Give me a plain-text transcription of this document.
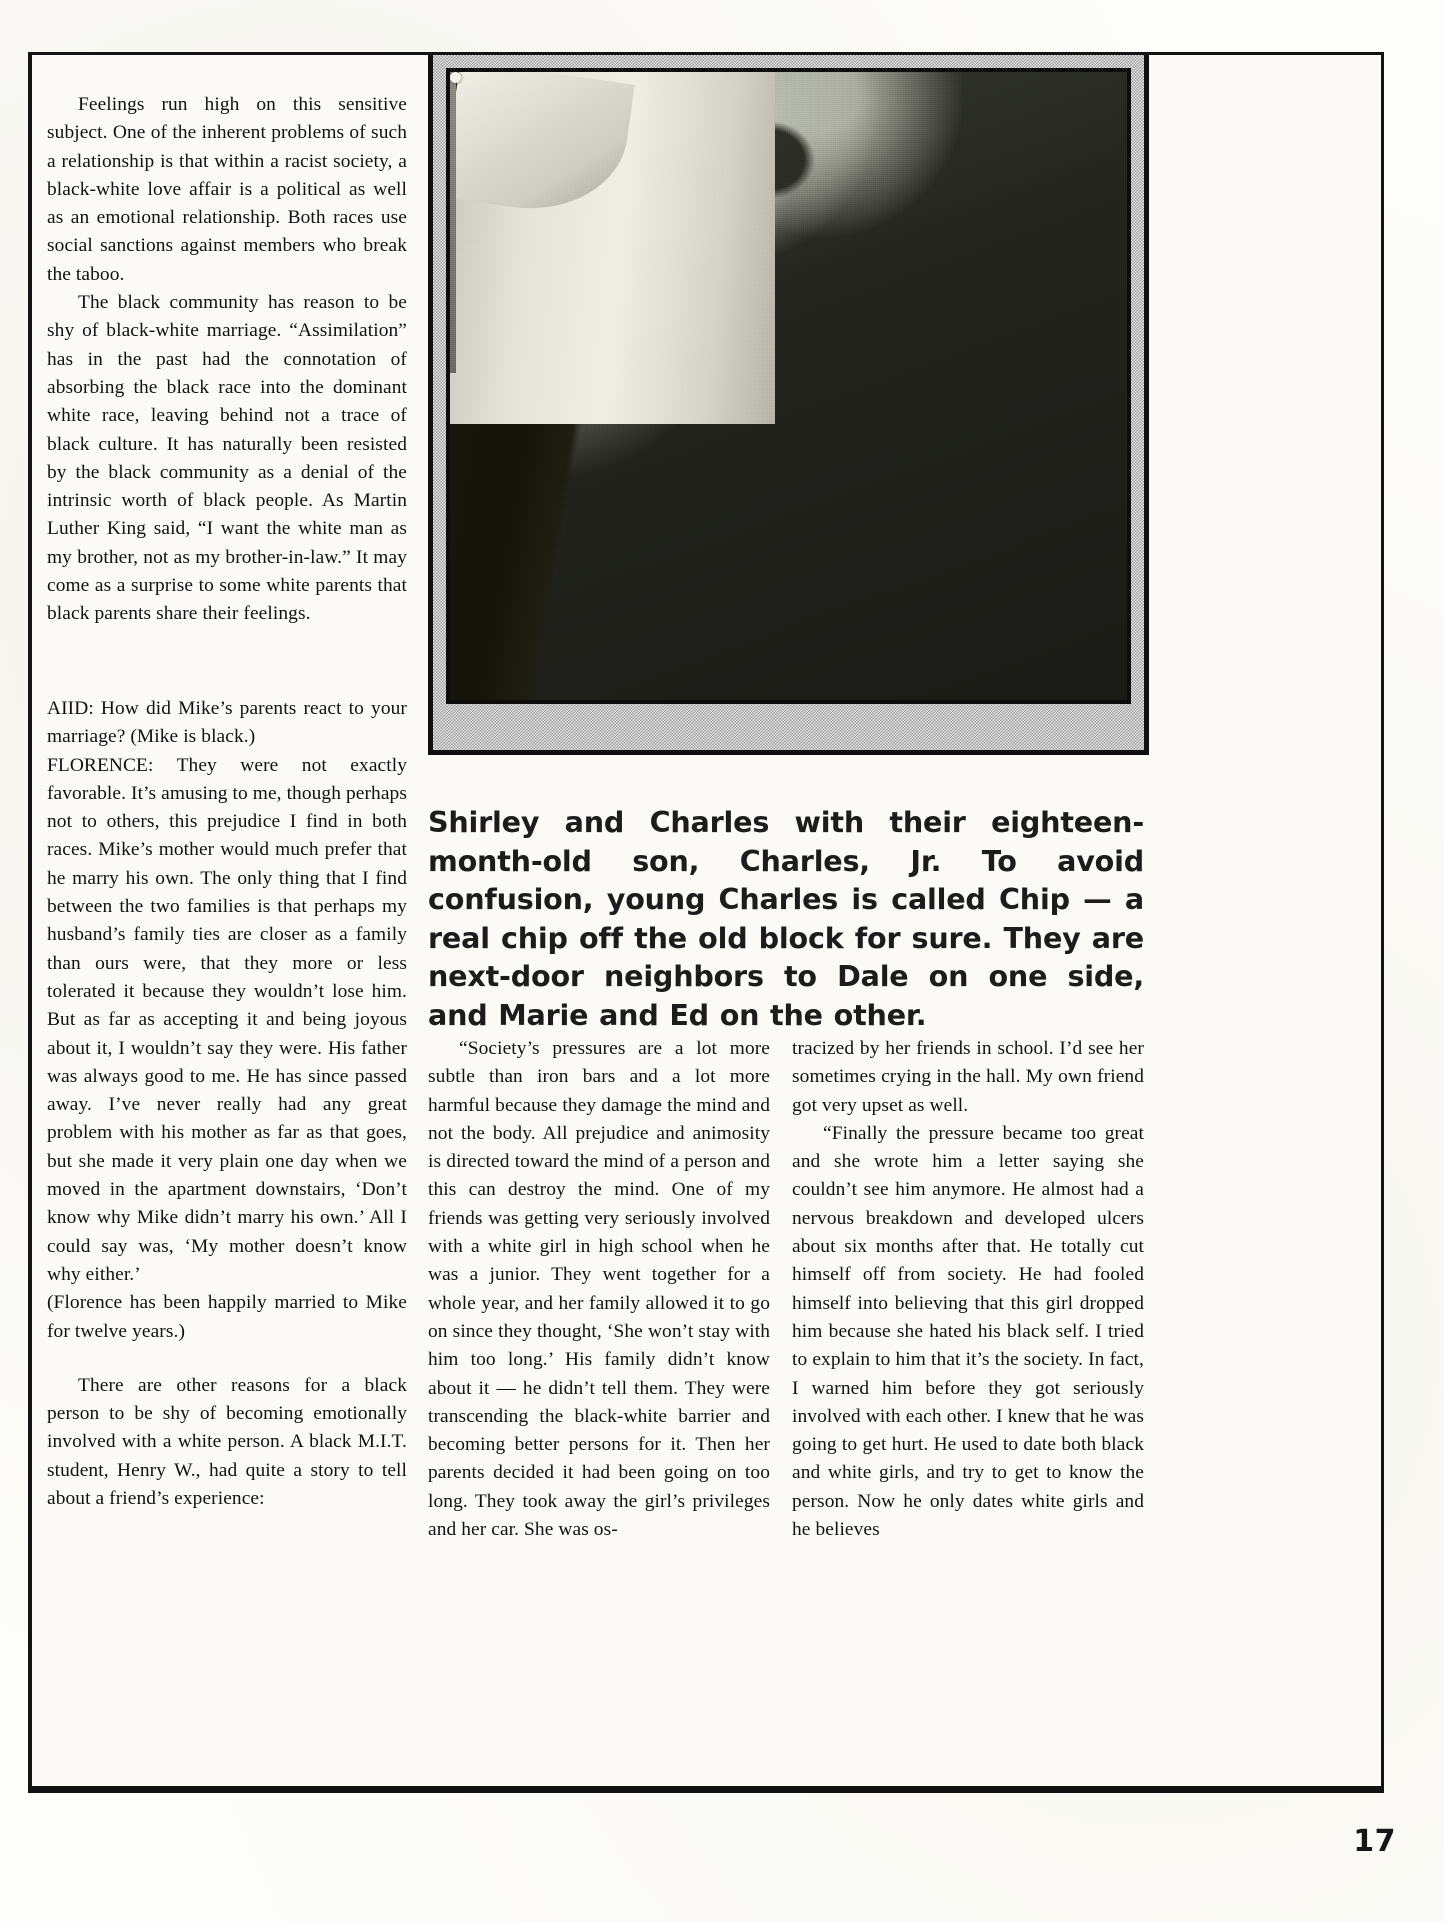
Feelings run high on this sensitive subject. One of the inherent problems of such a relationship is that within a racist society, a black-white love affair is a political as well as an emotional relationship. Both races use social sanctions against members who break the taboo.

The black community has reason to be shy of black-white marriage. “Assimilation” has in the past had the connotation of absorbing the black race into the dominant white race, leaving behind not a trace of black culture. It has naturally been resisted by the black community as a denial of the intrinsic worth of black people. As Martin Luther King said, “I want the white man as my brother, not as my brother-in-law.” It may come as a surprise to some white parents that black parents share their feelings.

AIID: How did Mike’s parents react to your marriage? (Mike is black.)

FLORENCE: They were not exactly favorable. It’s amusing to me, though perhaps not to others, this prejudice I find in both races. Mike’s mother would much prefer that he marry his own. The only thing that I find between the two families is that perhaps my husband’s family ties are closer as a family than ours were, that they more or less tolerated it because they wouldn’t lose him. But as far as accepting it and being joyous about it, I wouldn’t say they were. His father was always good to me. He has since passed away. I’ve never really had any great problem with his mother as far as that goes, but she made it very plain one day when we moved in the apartment downstairs, ‘Don’t know why Mike didn’t marry his own.’ All I could say was, ‘My mother doesn’t know why either.’

(Florence has been happily married to Mike for twelve years.)

There are other reasons for a black person to be shy of becoming emotionally involved with a white person. A black M.I.T. student, Henry W., had quite a story to tell about a friend’s experience:

Shirley and Charles with their eighteen-month-old son, Charles, Jr. To avoid confusion, young Charles is called Chip — a real chip off the old block for sure. They are next-door neighbors to Dale on one side, and Marie and Ed on the other.

“Society’s pressures are a lot more subtle than iron bars and a lot more harmful because they damage the mind and not the body. All prejudice and animosity is directed toward the mind of a person and this can destroy the mind. One of my friends was getting very seriously involved with a white girl in high school when he was a junior. They went together for a whole year, and her family allowed it to go on since they thought, ‘She won’t stay with him too long.’ His family didn’t know about it — he didn’t tell them. They were transcending the black-white barrier and becoming better persons for it. Then her parents decided it had been going on too long. They took away the girl’s privileges and her car. She was os-

tracized by her friends in school. I’d see her sometimes crying in the hall. My own friend got very upset as well.

“Finally the pressure became too great and she wrote him a letter saying she couldn’t see him anymore. He almost had a nervous breakdown and developed ulcers about six months after that. He totally cut himself off from society. He had fooled himself into believing that this girl dropped him because she hated his black self. I tried to explain to him that it’s the society. In fact, I warned him before they got seriously involved with each other. I knew that he was going to get hurt. He used to date both black and white girls, and try to get to know the person. Now he only dates white girls and he believes

17
